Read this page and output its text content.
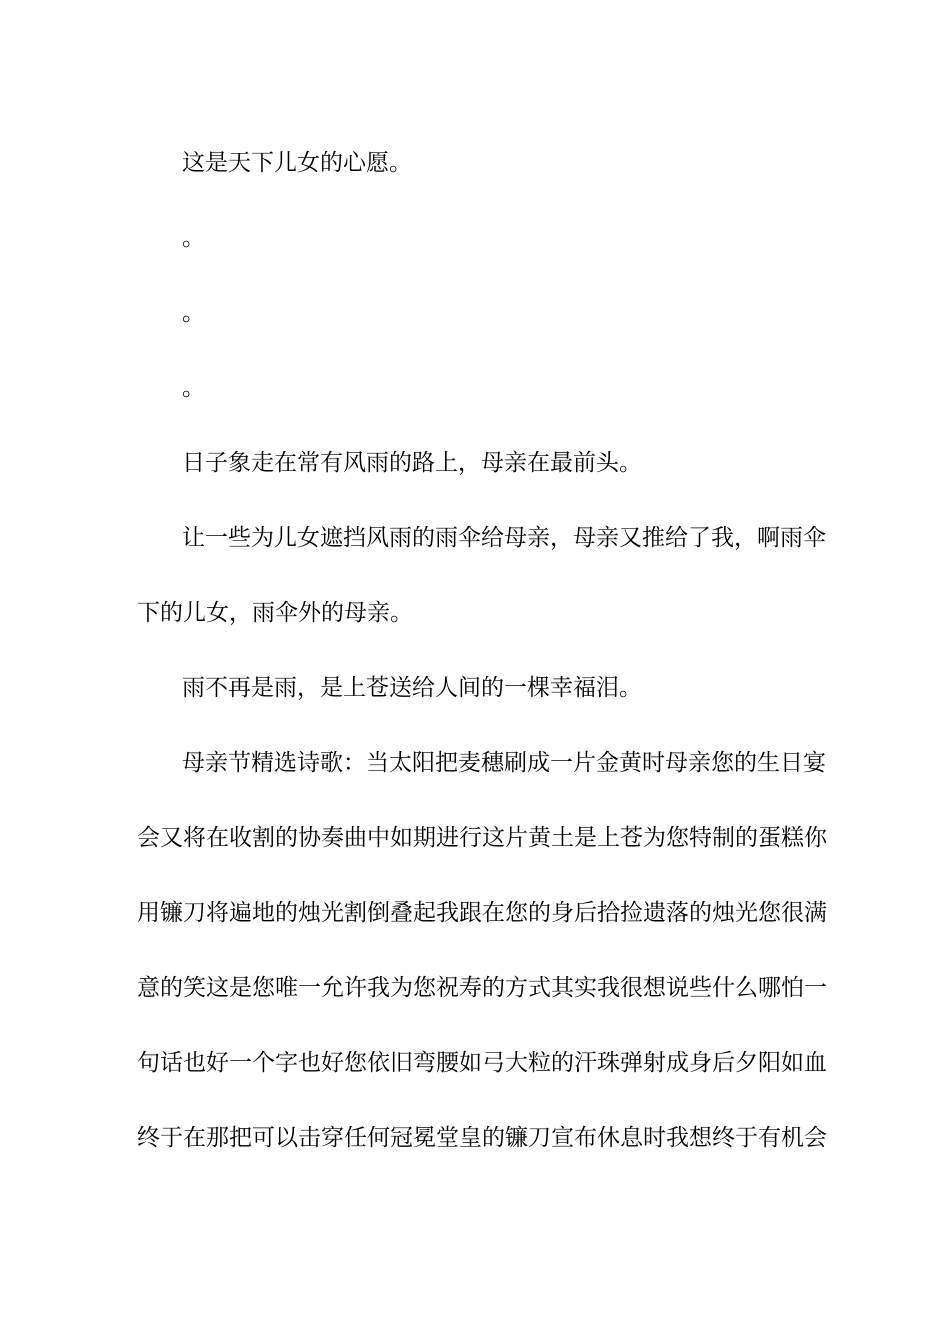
这是天下儿女的心愿。
。
。
。
日子象走在常有风雨的路上，母亲在最前头。
让一些为儿女遮挡风雨的雨伞给母亲，母亲又推给了我，啊雨伞
下的儿女，雨伞外的母亲。
雨不再是雨，是上苍送给人间的一棵幸福泪。
母亲节精选诗歌：当太阳把麦穗刷成一片金黄时母亲您的生日宴
会又将在收割的协奏曲中如期进行这片黄土是上苍为您特制的蛋糕你
用镰刀将遍地的烛光割倒叠起我跟在您的身后拾捡遗落的烛光您很满
意的笑这是您唯一允许我为您祝寿的方式其实我很想说些什么哪怕一
句话也好一个字也好您依旧弯腰如弓大粒的汗珠弹射成身后夕阳如血
终于在那把可以击穿任何冠冕堂皇的镰刀宣布休息时我想终于有机会
